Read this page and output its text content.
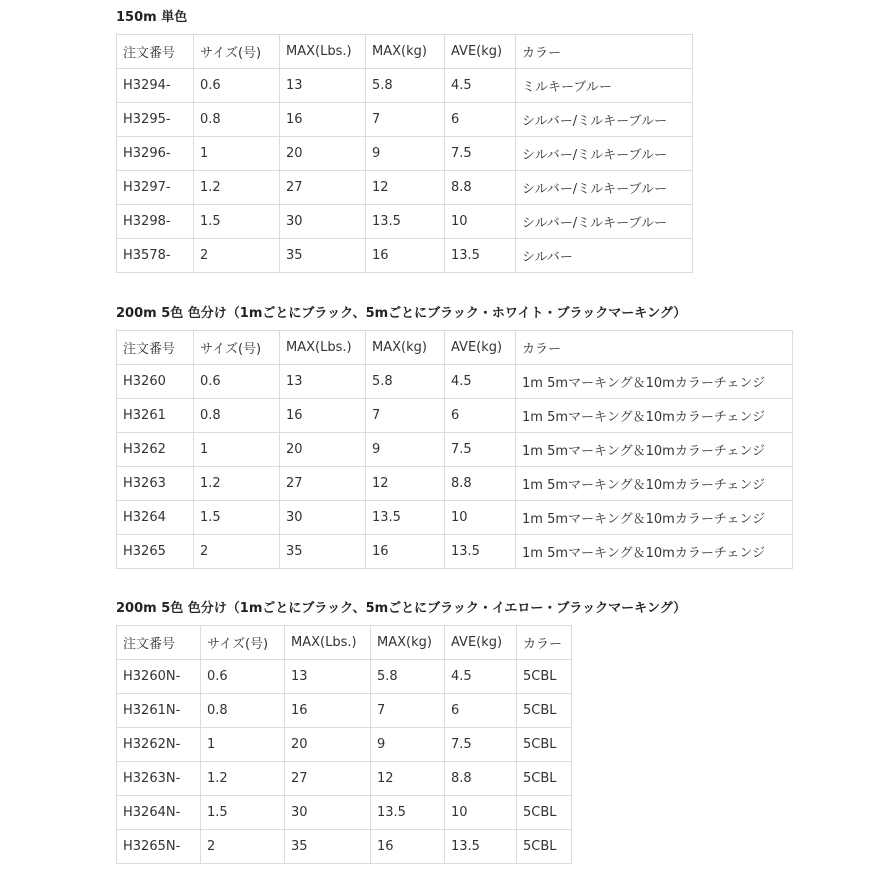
150m 単色
注文番号	サイズ(号)	MAX(Lbs.)	MAX(kg)	AVE(kg)	カラー
H3294-	0.6	13	5.8	4.5	ミルキーブルー
H3295-	0.8	16	7	6	シルバー/ミルキーブルー
H3296-	1	20	9	7.5	シルバー/ミルキーブルー
H3297-	1.2	27	12	8.8	シルバー/ミルキーブルー
H3298-	1.5	30	13.5	10	シルバー/ミルキーブルー
H3578-	2	35	16	13.5	シルバー
200m 5色 色分け（1mごとにブラック、5mごとにブラック・ホワイト・ブラックマーキング）
注文番号	サイズ(号)	MAX(Lbs.)	MAX(kg)	AVE(kg)	カラー
H3260	0.6	13	5.8	4.5	1m 5mマーキング＆10mカラーチェンジ
H3261	0.8	16	7	6	1m 5mマーキング＆10mカラーチェンジ
H3262	1	20	9	7.5	1m 5mマーキング＆10mカラーチェンジ
H3263	1.2	27	12	8.8	1m 5mマーキング＆10mカラーチェンジ
H3264	1.5	30	13.5	10	1m 5mマーキング＆10mカラーチェンジ
H3265	2	35	16	13.5	1m 5mマーキング＆10mカラーチェンジ
200m 5色 色分け（1mごとにブラック、5mごとにブラック・イエロー・ブラックマーキング）
注文番号	サイズ(号)	MAX(Lbs.)	MAX(kg)	AVE(kg)	カラー
H3260N-	0.6	13	5.8	4.5	5CBL
H3261N-	0.8	16	7	6	5CBL
H3262N-	1	20	9	7.5	5CBL
H3263N-	1.2	27	12	8.8	5CBL
H3264N-	1.5	30	13.5	10	5CBL
H3265N-	2	35	16	13.5	5CBL
